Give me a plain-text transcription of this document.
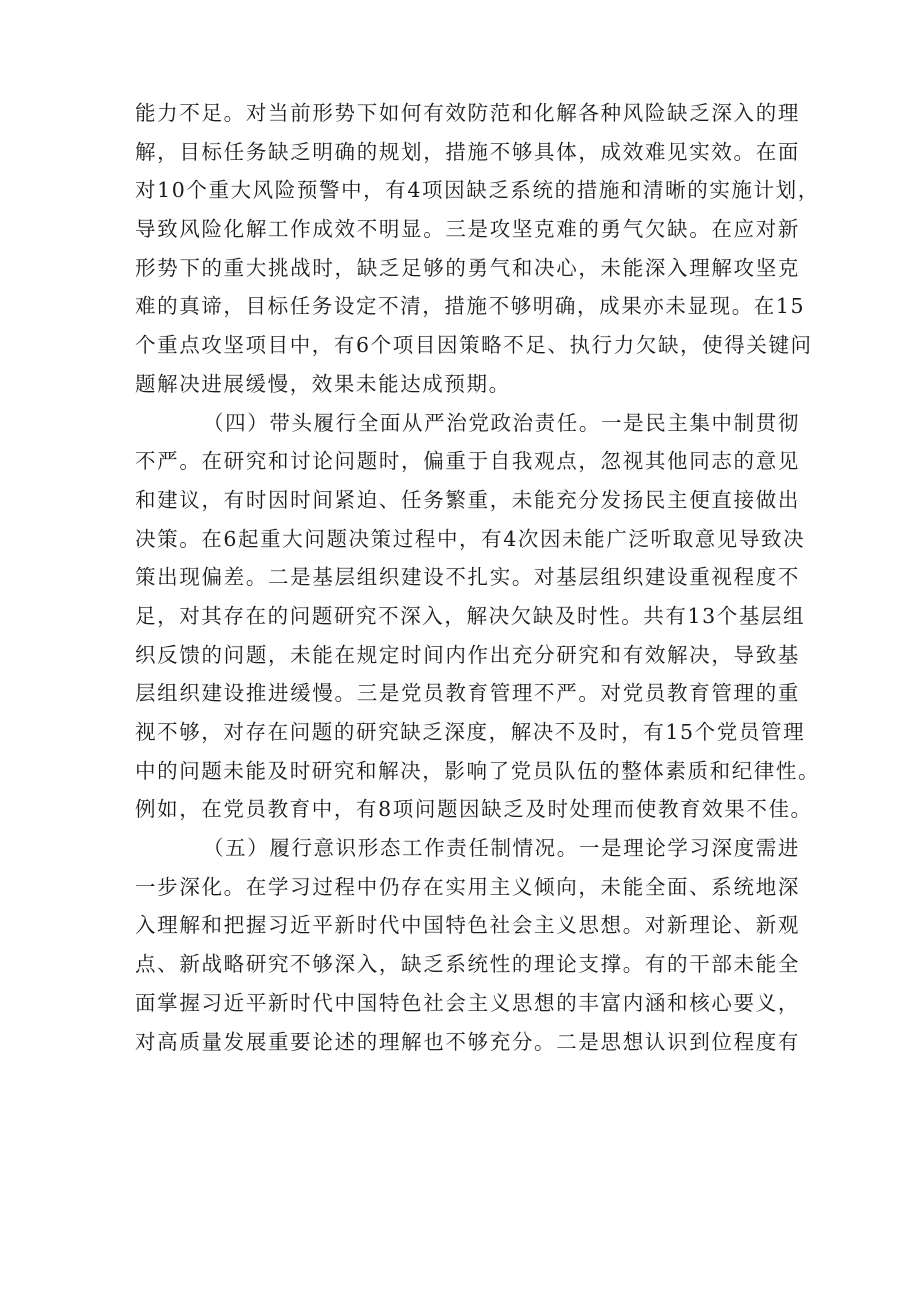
能力不足。对当前形势下如何有效防范和化解各种风险缺乏深入的理
解，目标任务缺乏明确的规划，措施不够具体，成效难见实效。在面
对10个重大风险预警中，有4项因缺乏系统的措施和清晰的实施计划，
导致风险化解工作成效不明显。三是攻坚克难的勇气欠缺。在应对新
形势下的重大挑战时，缺乏足够的勇气和决心，未能深入理解攻坚克
难的真谛，目标任务设定不清，措施不够明确，成果亦未显现。在15
个重点攻坚项目中，有6个项目因策略不足、执行力欠缺，使得关键问
题解决进展缓慢，效果未能达成预期。
（四）带头履行全面从严治党政治责任。一是民主集中制贯彻
不严。在研究和讨论问题时，偏重于自我观点，忽视其他同志的意见
和建议，有时因时间紧迫、任务繁重，未能充分发扬民主便直接做出
决策。在6起重大问题决策过程中，有4次因未能广泛听取意见导致决
策出现偏差。二是基层组织建设不扎实。对基层组织建设重视程度不
足，对其存在的问题研究不深入，解决欠缺及时性。共有13个基层组
织反馈的问题，未能在规定时间内作出充分研究和有效解决，导致基
层组织建设推进缓慢。三是党员教育管理不严。对党员教育管理的重
视不够，对存在问题的研究缺乏深度，解决不及时，有15个党员管理
中的问题未能及时研究和解决，影响了党员队伍的整体素质和纪律性。
例如，在党员教育中，有8项问题因缺乏及时处理而使教育效果不佳。
（五）履行意识形态工作责任制情况。一是理论学习深度需进
一步深化。在学习过程中仍存在实用主义倾向，未能全面、系统地深
入理解和把握习近平新时代中国特色社会主义思想。对新理论、新观
点、新战略研究不够深入，缺乏系统性的理论支撑。有的干部未能全
面掌握习近平新时代中国特色社会主义思想的丰富内涵和核心要义，
对高质量发展重要论述的理解也不够充分。二是思想认识到位程度有
